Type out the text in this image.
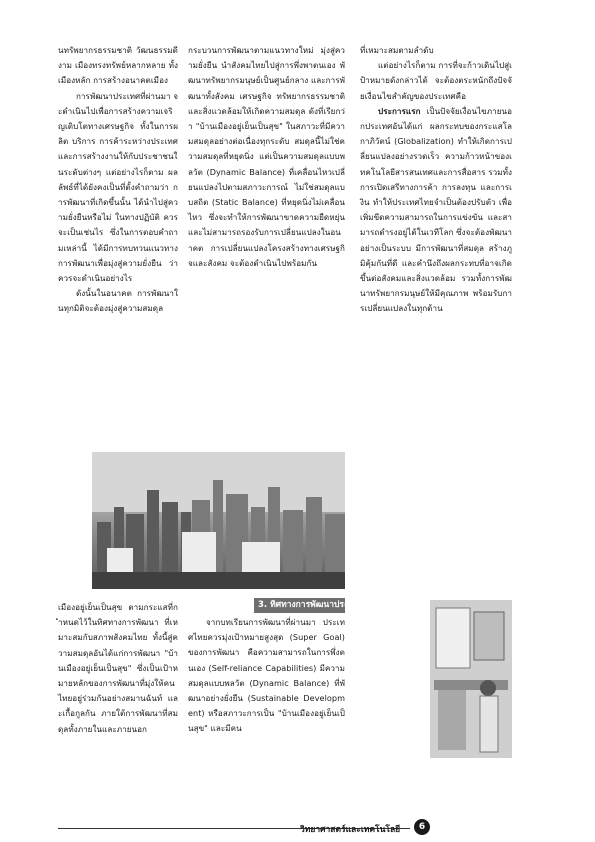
นทรัพยากรธรรมชาติ วัฒนธรรมดีงาม เมืองทรงทรัพย์หลากหลาย ทั้งเมืองหลัก การสร้างอนาคตเมือง

การพัฒนาประเทศที่ผ่านมา จะดำเนินไปเพื่อการสร้างความเจริญเติบโตทางเศรษฐกิจ ทั้งในการผลิต บริการ การค้าระหว่างประเทศ และการสร้างงานให้กับประชาชนในระดับต่างๆ แต่อย่างไรก็ตาม ผลลัพธ์ที่ได้ยังคงเป็นที่ตั้งคำถามว่า การพัฒนาที่เกิดขึ้นนั้น ได้นำไปสู่ความยั่งยืนหรือไม่ ในทางปฏิบัติ ควรจะเป็นเช่นไร ซึ่งในการตอบคำถามเหล่านี้ ได้มีการทบทวนแนวทางการพัฒนาเพื่อมุ่งสู่ความยั่งยืน ว่าควรจะดำเนินอย่างไร

ดังนั้นในอนาคต การพัฒนาในทุกมิติจะต้องมุ่งสู่ความสมดุล

กระบวนการพัฒนาตามแนวทางใหม่ มุ่งสู่ความยั่งยืน นำสังคมไทยไปสู่การพึ่งพาตนเอง พัฒนาทรัพยากรมนุษย์เป็นศูนย์กลาง และการพัฒนาทั้งสังคม เศรษฐกิจ ทรัพยากรธรรมชาติและสิ่งแวดล้อมให้เกิดความสมดุล ดังที่เรียกว่า "บ้านเมืองอยู่เย็นเป็นสุข" ในสภาวะที่มีความสมดุลอย่างต่อเนื่องทุกระดับ สมดุลนี้ไม่ใช่ความสมดุลที่หยุดนิ่ง แต่เป็นความสมดุลแบบพลวัต (Dynamic Balance) ที่เคลื่อนไหวเปลี่ยนแปลงไปตามสภาวะการณ์ ไม่ใช่สมดุลแบบสถิต (Static Balance) ที่หยุดนิ่งไม่เคลื่อนไหว ซึ่งจะทำให้การพัฒนาขาดความยืดหยุ่นและไม่สามารถรองรับการเปลี่ยนแปลงในอนาคต การเปลี่ยนแปลงโครงสร้างทางเศรษฐกิจและสังคม จะต้องดำเนินไปพร้อมกัน

ที่เหมาะสมตามลำดับ

แต่อย่างไรก็ตาม การที่จะก้าวเดินไปสู่เป้าหมายดังกล่าวได้ จะต้องตระหนักถึงปัจจัยเงื่อนไขสำคัญของประเทศคือ

ประการแรก เป็นปัจจัยเงื่อนไขภายนอกประเทศอันได้แก่ ผลกระทบของกระแสโลกาภิวัตน์ (Globalization) ทำให้เกิดการเปลี่ยนแปลงอย่างรวดเร็ว ความก้าวหน้าของเทคโนโลยีสารสนเทศและการสื่อสาร รวมทั้งการเปิดเสรีทางการค้า การลงทุน และการเงิน ทำให้ประเทศไทยจำเป็นต้องปรับตัว เพื่อเพิ่มขีดความสามารถในการแข่งขัน และสามารถดำรงอยู่ได้ในเวทีโลก ซึ่งจะต้องพัฒนาอย่างเป็นระบบ มีการพัฒนาที่สมดุล สร้างภูมิคุ้มกันที่ดี และคำนึงถึงผลกระทบที่อาจเกิดขึ้นต่อสังคมและสิ่งแวดล้อม รวมทั้งการพัฒนาทรัพยากรมนุษย์ให้มีคุณภาพ พร้อมรับการเปลี่ยนแปลงในทุกด้าน

3. ทิศทางการพัฒนาประเทศ

เมืองอยู่เย็นเป็นสุข ตามกระแสที่กำหนดไว้ในทิศทางการพัฒนา ที่เหมาะสมกับสภาพสังคมไทย ทั้งนี้สู่ความสมดุลอันได้แก่การพัฒนา "บ้านเมืองอยู่เย็นเป็นสุข" ซึ่งเป็นเป้าหมายหลักของการพัฒนาที่มุ่งให้คนไทยอยู่ร่วมกันอย่างสมานฉันท์ และเกื้อกูลกัน ภายใต้การพัฒนาที่สมดุลทั้งภายในและภายนอก

จากบทเรียนการพัฒนาที่ผ่านมา ประเทศไทยควรมุ่งเป้าหมายสูงสุด (Super Goal) ของการพัฒนา คือความสามารถในการพึ่งตนเอง (Self-reliance Capabilities) มีความสมดุลแบบพลวัต (Dynamic Balance) ที่พัฒนาอย่างยั่งยืน (Sustainable Development) หรือสภาวะการเป็น "บ้านเมืองอยู่เย็นเป็นสุข" และมีคน

วิทยาศาสตร์และเทคโนโลยี	6
